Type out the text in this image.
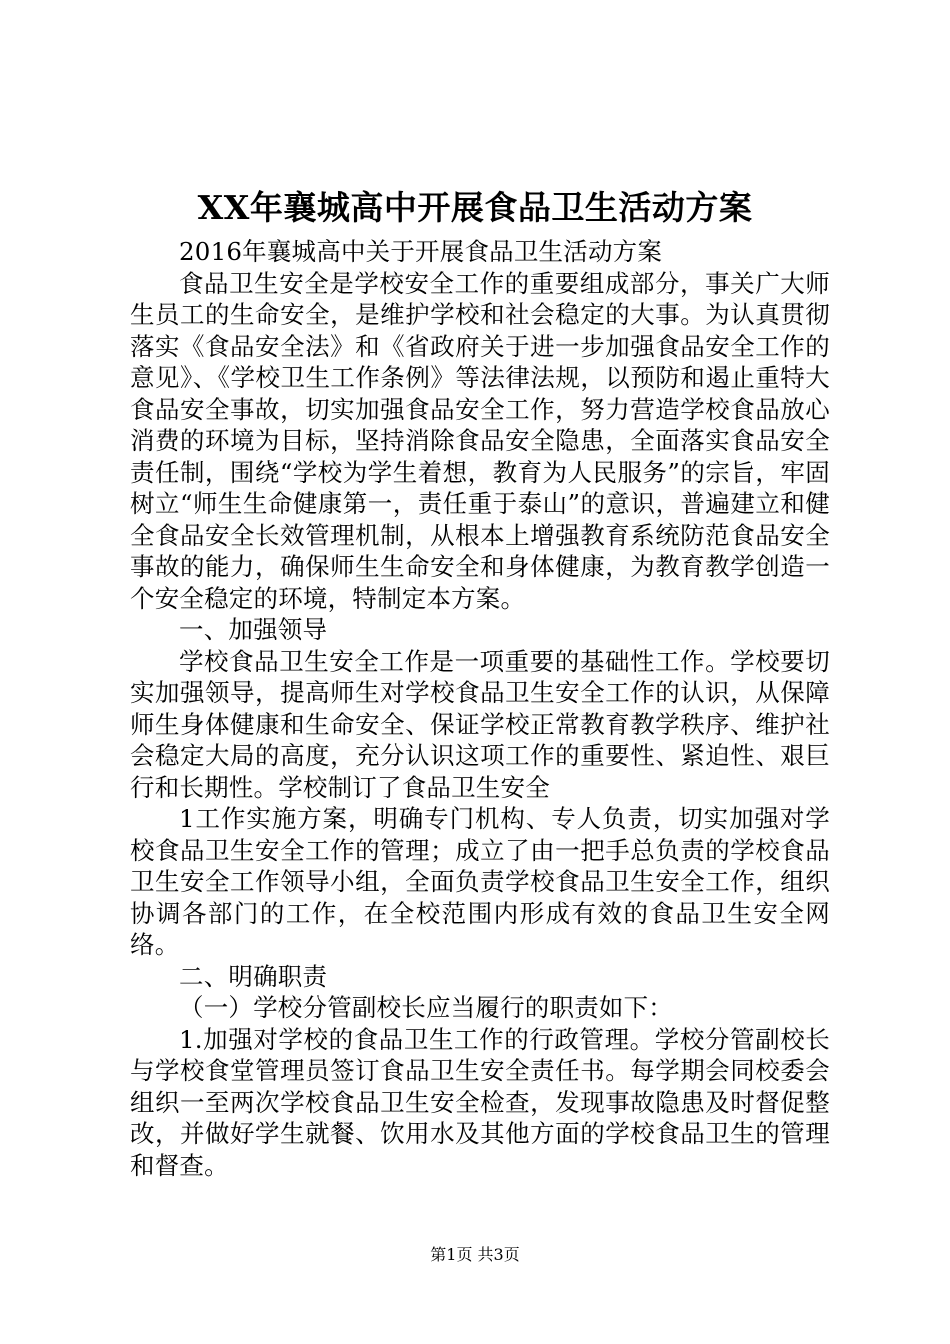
XX年襄城高中开展食品卫生活动方案

2016年襄城高中关于开展食品卫生活动方案

食品卫生安全是学校安全工作的重要组成部分，事关广大师生员工的生命安全，是维护学校和社会稳定的大事。为认真贯彻落实《食品安全法》和《省政府关于进一步加强食品安全工作的意见》、《学校卫生工作条例》等法律法规，以预防和遏止重特大食品安全事故，切实加强食品安全工作，努力营造学校食品放心消费的环境为目标，坚持消除食品安全隐患，全面落实食品安全责任制，围绕“学校为学生着想，教育为人民服务”的宗旨，牢固树立“师生生命健康第一，责任重于泰山”的意识，普遍建立和健全食品安全长效管理机制，从根本上增强教育系统防范食品安全事故的能力，确保师生生命安全和身体健康，为教育教学创造一个安全稳定的环境，特制定本方案。

一、加强领导

学校食品卫生安全工作是一项重要的基础性工作。学校要切实加强领导，提高师生对学校食品卫生安全工作的认识，从保障师生身体健康和生命安全、保证学校正常教育教学秩序、维护社会稳定大局的高度，充分认识这项工作的重要性、紧迫性、艰巨行和长期性。学校制订了食品卫生安全

1工作实施方案，明确专门机构、专人负责，切实加强对学校食品卫生安全工作的管理；成立了由一把手总负责的学校食品卫生安全工作领导小组，全面负责学校食品卫生安全工作，组织协调各部门的工作，在全校范围内形成有效的食品卫生安全网络。

二、明确职责

（一）学校分管副校长应当履行的职责如下：

1.加强对学校的食品卫生工作的行政管理。学校分管副校长与学校食堂管理员签订食品卫生安全责任书。每学期会同校委会组织一至两次学校食品卫生安全检查，发现事故隐患及时督促整改，并做好学生就餐、饮用水及其他方面的学校食品卫生的管理和督查。

第1页 共3页
